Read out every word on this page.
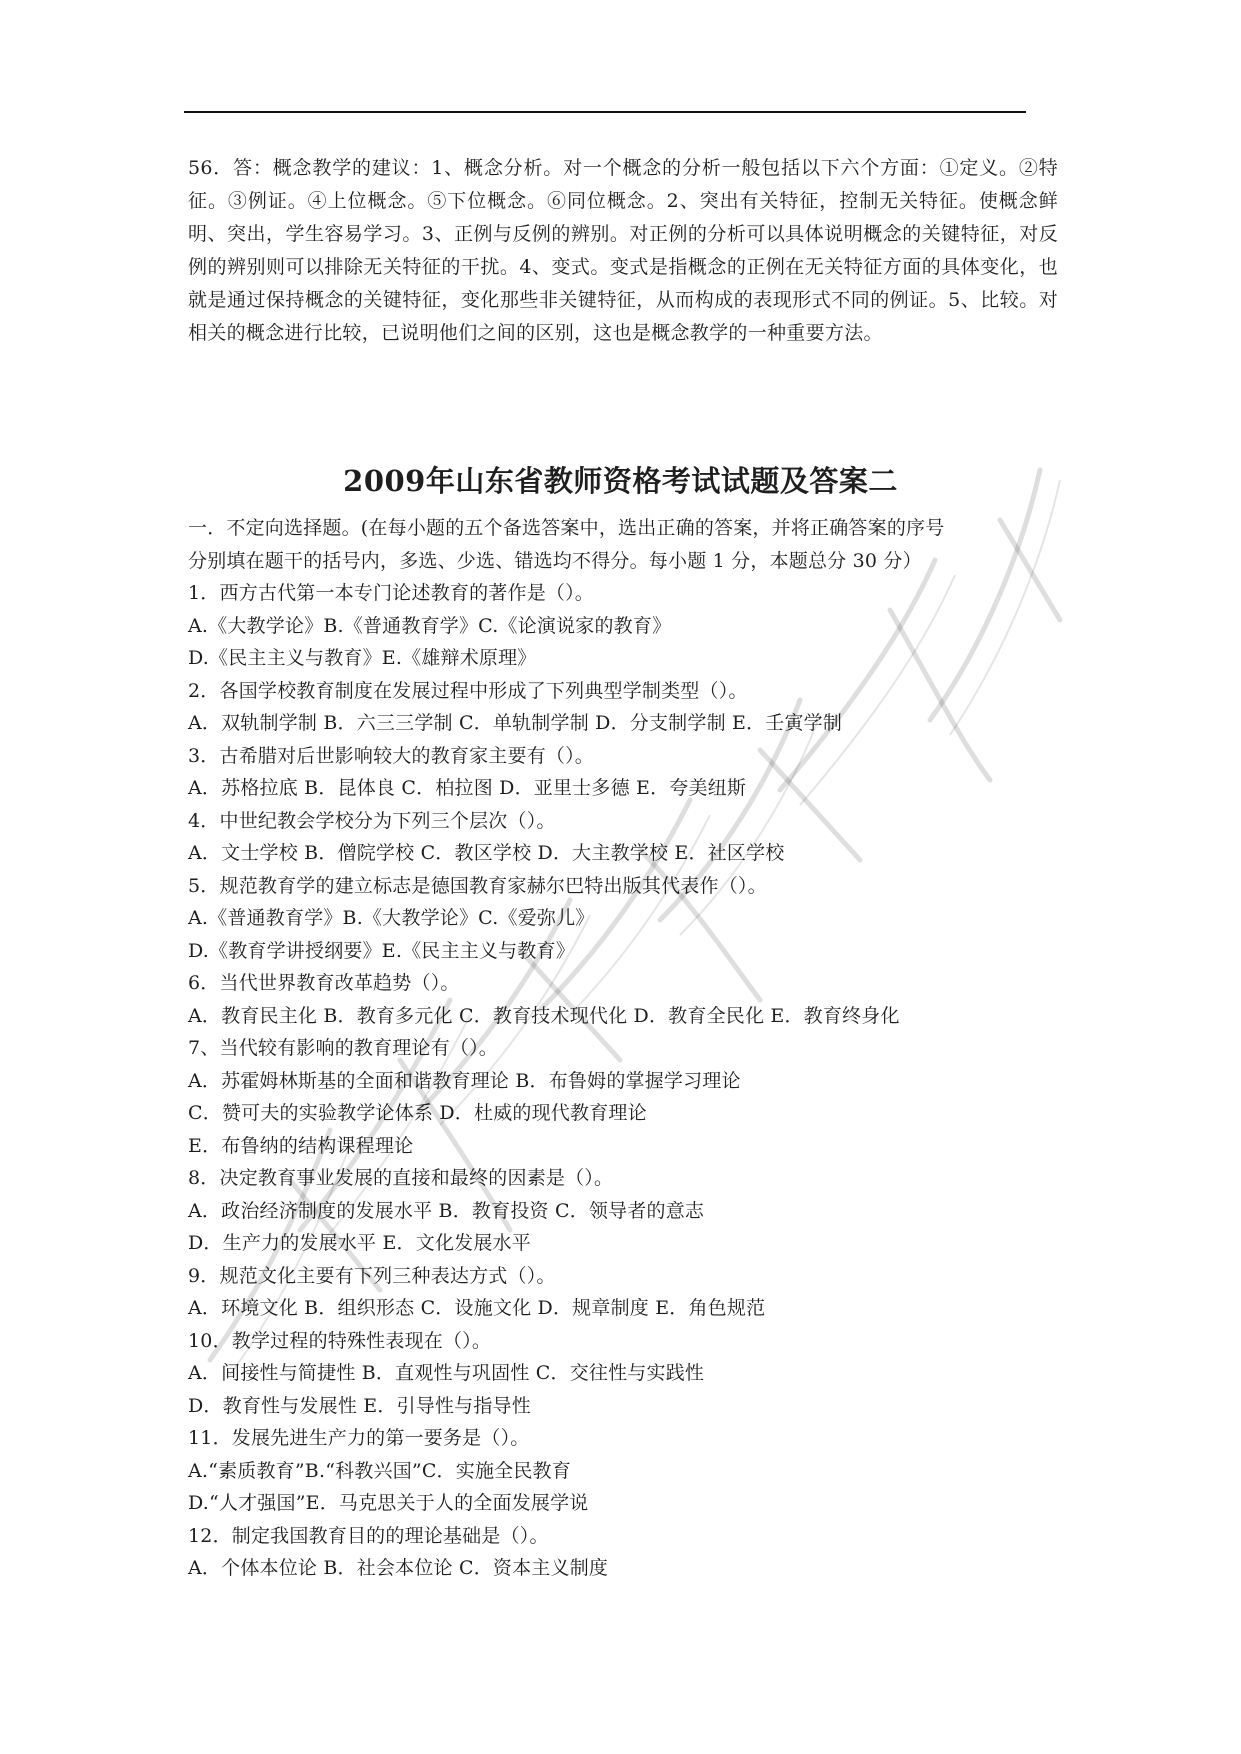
56．答：概念教学的建议：1、概念分析。对一个概念的分析一般包括以下六个方面：①定义。②特征。③例证。④上位概念。⑤下位概念。⑥同位概念。2、突出有关特征，控制无关特征。使概念鲜明、突出，学生容易学习。3、正例与反例的辨别。对正例的分析可以具体说明概念的关键特征，对反例的辨别则可以排除无关特征的干扰。4、变式。变式是指概念的正例在无关特征方面的具体变化，也就是通过保持概念的关键特征，变化那些非关键特征，从而构成的表现形式不同的例证。5、比较。对相关的概念进行比较，已说明他们之间的区别，这也是概念教学的一种重要方法。
2009年山东省教师资格考试试题及答案二
一．不定向选择题。(在每小题的五个备选答案中，选出正确的答案，并将正确答案的序号
分别填在题干的括号内，多选、少选、错选均不得分。每小题 1 分，本题总分 30 分）
1．西方古代第一本专门论述教育的著作是（）。
A.《大教学论》B.《普通教育学》C.《论演说家的教育》
D.《民主主义与教育》E.《雄辩术原理》
2．各国学校教育制度在发展过程中形成了下列典型学制类型（）。
A．双轨制学制 B．六三三学制 C．单轨制学制 D．分支制学制 E．壬寅学制
3．古希腊对后世影响较大的教育家主要有（）。
A．苏格拉底 B．昆体良 C．柏拉图 D．亚里士多德 E．夸美纽斯
4．中世纪教会学校分为下列三个层次（）。
A．文士学校 B．僧院学校 C．教区学校 D．大主教学校 E．社区学校
5．规范教育学的建立标志是德国教育家赫尔巴特出版其代表作（）。
A.《普通教育学》B.《大教学论》C.《爱弥儿》
D.《教育学讲授纲要》E.《民主主义与教育》
6．当代世界教育改革趋势（）。
A．教育民主化 B．教育多元化 C．教育技术现代化 D．教育全民化 E．教育终身化
7、当代较有影响的教育理论有（）。
A．苏霍姆林斯基的全面和谐教育理论 B．布鲁姆的掌握学习理论
C．赞可夫的实验教学论体系 D．杜威的现代教育理论
E．布鲁纳的结构课程理论
8．决定教育事业发展的直接和最终的因素是（）。
A．政治经济制度的发展水平 B．教育投资 C．领导者的意志
D．生产力的发展水平 E．文化发展水平
9．规范文化主要有下列三种表达方式（）。
A．环境文化 B．组织形态 C．设施文化 D．规章制度 E．角色规范
10．教学过程的特殊性表现在（）。
A．间接性与简捷性 B．直观性与巩固性 C．交往性与实践性
D．教育性与发展性 E．引导性与指导性
11．发展先进生产力的第一要务是（）。
A.“素质教育”B.“科教兴国”C．实施全民教育
D.“人才强国”E．马克思关于人的全面发展学说
12．制定我国教育目的的理论基础是（）。
A．个体本位论 B．社会本位论 C．资本主义制度
